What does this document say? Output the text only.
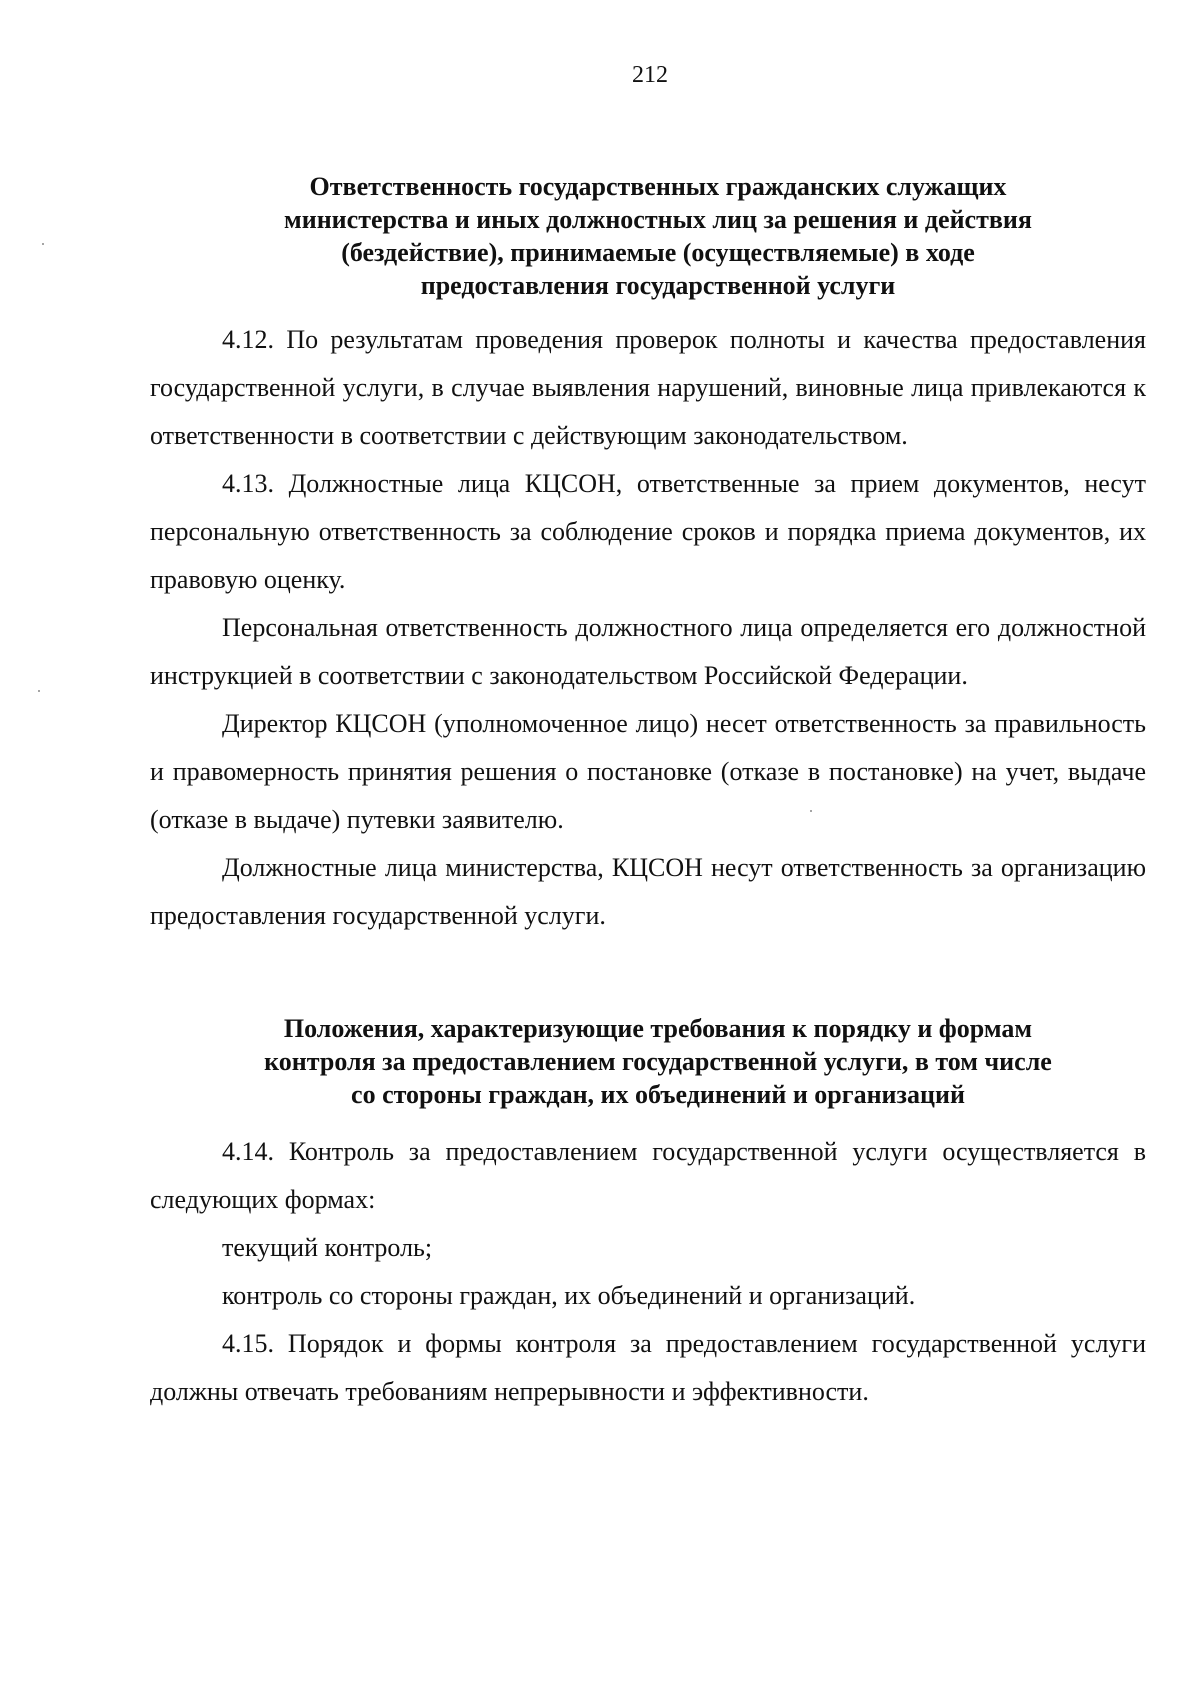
212
Ответственность государственных гражданских служащих министерства и иных должностных лиц за решения и действия (бездействие), принимаемые (осуществляемые) в ходе предоставления государственной услуги

4.12. По результатам проведения проверок полноты и качества предоставления государственной услуги, в случае выявления нарушений, виновные лица привлекаются к ответственности в соответствии с действующим законодательством.

4.13. Должностные лица КЦСОН, ответственные за прием документов, несут персональную ответственность за соблюдение сроков и порядка приема документов, их правовую оценку.

Персональная ответственность должностного лица определяется его должностной инструкцией в соответствии с законодательством Российской Федерации.

Директор КЦСОН (уполномоченное лицо) несет ответственность за правильность и правомерность принятия решения о постановке (отказе в постановке) на учет, выдаче (отказе в выдаче) путевки заявителю.

Должностные лица министерства, КЦСОН несут ответственность за организацию предоставления государственной услуги.

Положения, характеризующие требования к порядку и формам контроля за предоставлением государственной услуги, в том числе со стороны граждан, их объединений и организаций

4.14. Контроль за предоставлением государственной услуги осуществляется в следующих формах:

текущий контроль;

контроль со стороны граждан, их объединений и организаций.

4.15. Порядок и формы контроля за предоставлением государственной услуги должны отвечать требованиям непрерывности и эффективности.
